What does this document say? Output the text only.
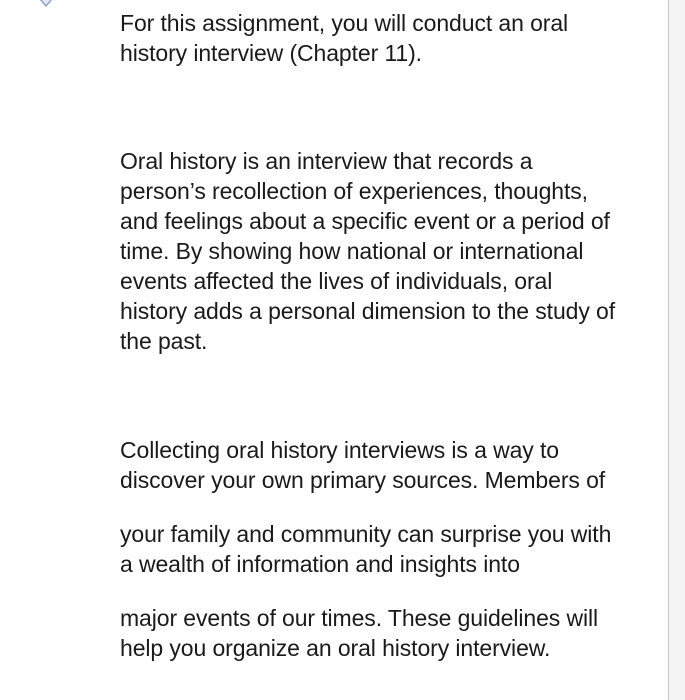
For this assignment, you will conduct an oral
history interview (Chapter 11).

Oral history is an interview that records a
person’s recollection of experiences, thoughts,
and feelings about a specific event or a period of
time. By showing how national or international
events affected the lives of individuals, oral
history adds a personal dimension to the study of
the past.

Collecting oral history interviews is a way to
discover your own primary sources. Members of

your family and community can surprise you with
a wealth of information and insights into

major events of our times. These guidelines will
help you organize an oral history interview.
